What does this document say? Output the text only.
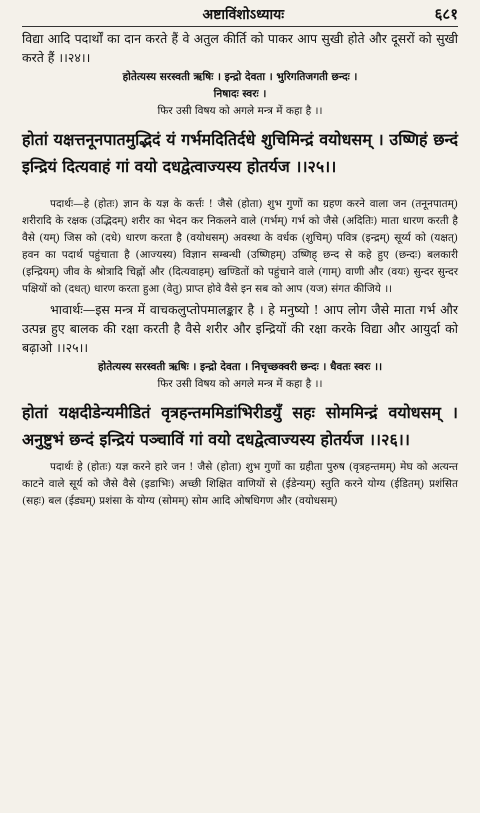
अष्टाविंशोऽध्यायः	६८१

विद्या आदि पदार्थों का दान करते हैं वे अतुल कीर्ति को पाकर आप सुखी होते और दूसरों को सुखी करते हैं ।।२४।।

होतेत्यस्य सरस्वती ऋषिः । इन्द्रो देवता । भुरिगतिजगती छन्दः ।

निषादः स्वरः ।

फिर उसी विषय को अगले मन्त्र में कहा है ।।

होतां यक्षत्तनूनपातमुद्भिदं यं गर्भमदितिर्दधे शुचिमिन्द्रं वयोधसम् । उष्णिहं छन्दं इन्द्रियं दित्यवाहं गां वयो दधद्वेत्वाज्यस्य होतर्यज ।।२५।।

पदार्थः—हे (होतः) ज्ञान के यज्ञ के कर्त्तः ! जैसे (होता) शुभ गुणों का ग्रहण करने वाला जन (तनूनपातम्) शरीरादि के रक्षक (उद्भिदम्) शरीर का भेदन कर निकलने वाले (गर्भम्) गर्भ को जैसे (अदितिः) माता धारण करती है वैसे (यम्) जिस को (दधे) धारण करता है (वयोधसम्) अवस्था के वर्धक (शुचिम्) पवित्र (इन्द्रम्) सूर्य्य को (यक्षत्) हवन का पदार्थ पहुंचाता है (आज्यस्य) विज्ञान सम्बन्धी (उष्णिहम्) उष्णिह् छन्द से कहे हुए (छन्दः) बलकारी (इन्द्रियम्) जीव के श्रोत्रादि चिह्नों और (दित्यवाहम्) खण्डितों को पहुंचाने वाले (गाम्) वाणी और (वयः) सुन्दर सुन्दर पक्षियों को (दधत्) धारण करता हुआ (वेतु) प्राप्त होवे वैसे इन सब को आप (यज) संगत कीजिये ।।

भावार्थः—इस मन्त्र में वाचकलुप्तोपमालङ्कार है । हे मनुष्यो ! आप लोग जैसे माता गर्भ और उत्पन्न हुए बालक की रक्षा करती है वैसे शरीर और इन्द्रियों की रक्षा करके विद्या और आयुर्दा को बढ़ाओ ।।२५।।

होतेत्यस्य सरस्वती ऋषिः । इन्द्रो देवता । निचृच्छक्वरी छन्दः । धैवतः स्वरः ।।

फिर उसी विषय को अगले मन्त्र में कहा है ।।

होतां यक्षदीडेन्यमीडितं वृत्रहन्तममिडांभिरीडयुँ सहः सोममिन्द्रं वयोधसम् । अनुष्टुभं छन्दं इन्द्रियं पञ्चाविं गां वयो दधद्वेत्वाज्यस्य होतर्यज ।।२६।।

पदार्थः हे (होतः) यज्ञ करने हारे जन ! जैसे (होता) शुभ गुणों का ग्रहीता पुरुष (वृत्रहन्तमम्) मेघ को अत्यन्त काटने वाले सूर्य को जैसे वैसे (इडाभिः) अच्छी शिक्षित वाणियों से (ईडेन्यम्) स्तुति करने योग्य (ईडितम्) प्रशंसित (सहः) बल (ईड्यम्) प्रशंसा के योग्य (सोमम्) सोम आदि ओषधिगण और (वयोधसम्)
